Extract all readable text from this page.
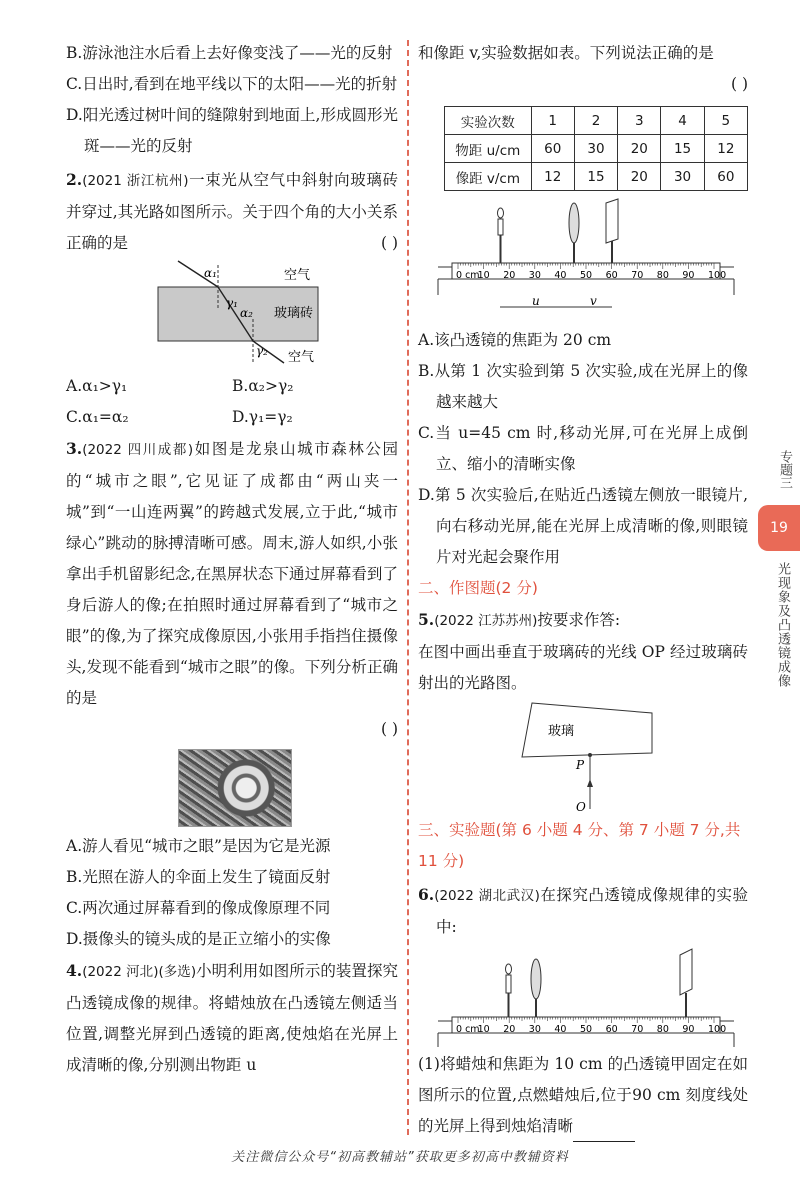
B.游泳池注水后看上去好像变浅了——光的反射

C.日出时,看到在地平线以下的太阳——光的折射

D.阳光透过树叶间的缝隙射到地面上,形成圆形光斑——光的反射

2.(2021 浙江杭州)一束光从空气中斜射向玻璃砖并穿过,其光路如图所示。关于四个角的大小关系正确的是	( )

α₁
γ₁
α₂
γ₂
空气
玻璃砖
空气
A.α₁>γ₁	B.α₂>γ₂
C.α₁=α₂	D.γ₁=γ₂

3.(2022 四川成都)如图是龙泉山城市森林公园的“城市之眼”,它见证了成都由“两山夹一城”到“一山连两翼”的跨越式发展,立于此,“城市绿心”跳动的脉搏清晰可感。周末,游人如织,小张拿出手机留影纪念,在黑屏状态下通过屏幕看到了身后游人的像;在拍照时通过屏幕看到了“城市之眼”的像,为了探究成像原因,小张用手指挡住摄像头,发现不能看到“城市之眼”的像。下列分析正确的是

( )

A.游人看见“城市之眼”是因为它是光源

B.光照在游人的伞面上发生了镜面反射

C.两次通过屏幕看到的像成像原理不同

D.摄像头的镜头成的是正立缩小的实像

4.(2022 河北)(多选)小明利用如图所示的装置探究凸透镜成像的规律。将蜡烛放在凸透镜左侧适当位置,调整光屏到凸透镜的距离,使烛焰在光屏上成清晰的像,分别测出物距 u

和像距 v,实验数据如表。下列说法正确的是

( )

实验次数	1	2	3	4	5
物距 u/cm	60	30	20	15	12
像距 v/cm	12	15	20	30	60
0 cm
10 20 30 40 50 60 70 80 90 100
u	v

A.该凸透镜的焦距为 20 cm

B.从第 1 次实验到第 5 次实验,成在光屏上的像越来越大

C.当 u=45 cm 时,移动光屏,可在光屏上成倒立、缩小的清晰实像

D.第 5 次实验后,在贴近凸透镜左侧放一眼镜片,向右移动光屏,能在光屏上成清晰的像,则眼镜片对光起会聚作用

二、作图题(2 分)

5.(2022 江苏苏州)按要求作答:

在图中画出垂直于玻璃砖的光线 OP 经过玻璃砖射出的光路图。

玻璃
P
O
三、实验题(第 6 小题 4 分、第 7 小题 7 分,共 11 分)

6.(2022 湖北武汉)在探究凸透镜成像规律的实验中:

0 cm
10 20 30 40 50 60 70 80 90 100

(1)将蜡烛和焦距为 10 cm 的凸透镜甲固定在如图所示的位置,点燃蜡烛后,位于90 cm 刻度线处的光屏上得到烛焰清晰

专题三
19
光现象及凸透镜成像
关注微信公众号“初高教辅站”获取更多初高中教辅资料
